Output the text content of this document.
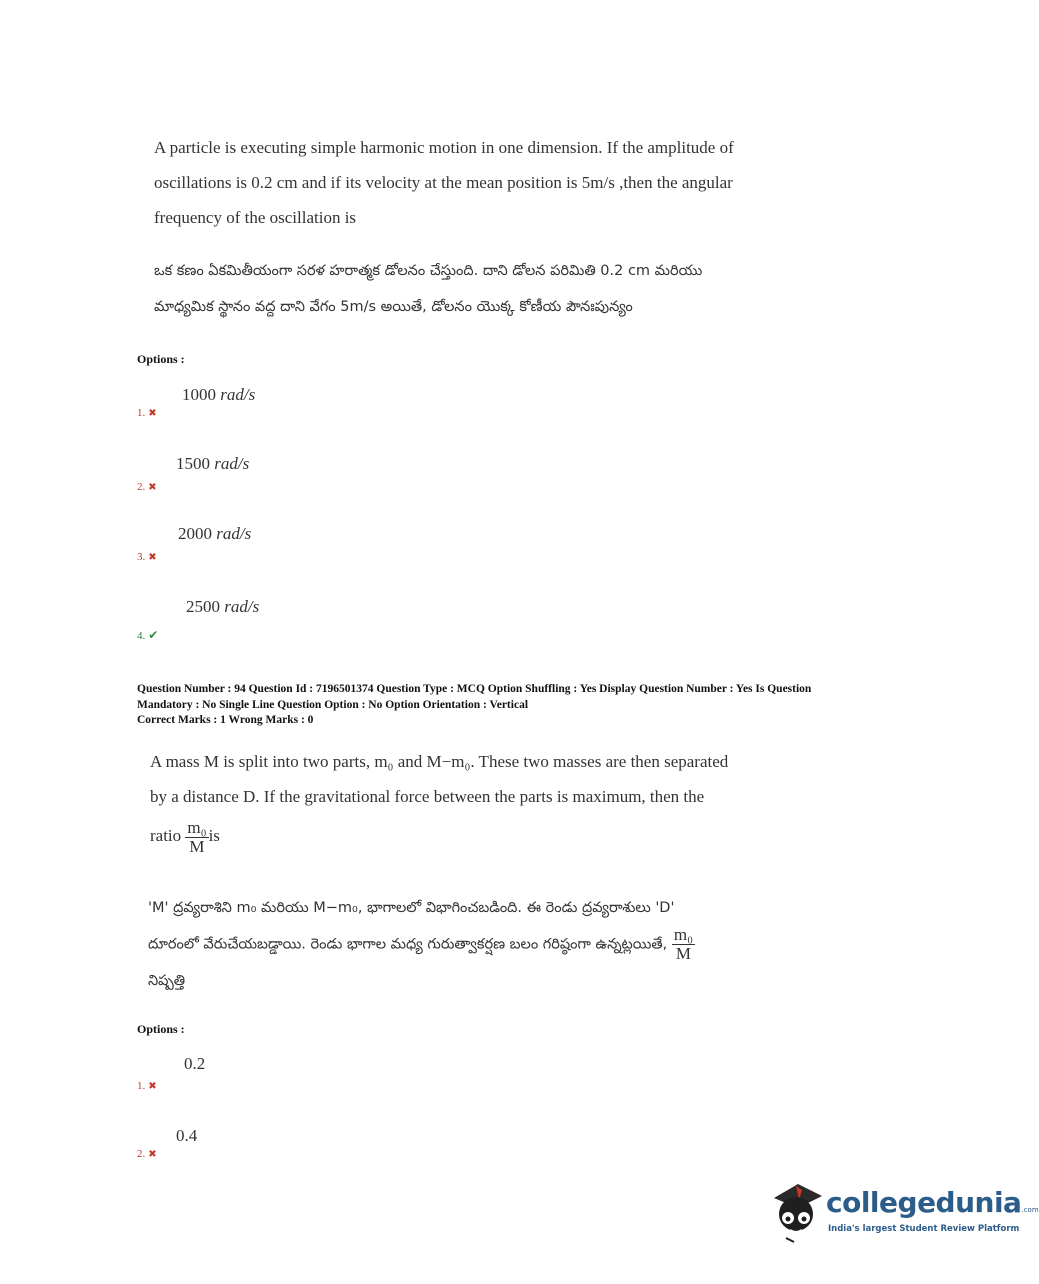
A particle is executing simple harmonic motion in one dimension. If the amplitude of
oscillations is 0.2 cm and if its velocity at the mean position is 5m/s ,then the angular
frequency of the oscillation is
ఒక కణం ఏకమితీయంగా సరళ హరాత్మక డోలనం చేస్తుంది. దాని డోలన పరిమితి 0.2 cm మరియు
మాధ్యమిక స్థానం వద్ద దాని వేగం 5m/s అయితే, డోలనం యొక్క కోణీయ పౌనఃపున్యం
Options :
1000 rad/s
1. ✖
1500 rad/s
2. ✖
2000 rad/s
3. ✖
2500 rad/s
4. ✔
Question Number : 94 Question Id : 7196501374 Question Type : MCQ Option Shuffling : Yes Display Question Number : Yes Is Question
Mandatory : No Single Line Question Option : No Option Orientation : Vertical
Correct Marks : 1 Wrong Marks : 0
A mass M is split into two parts, m₀ and M−m₀. These two masses are then separated
by a distance D. If the gravitational force between the parts is maximum, then the
ratio $\frac{\text{m₀}}{M}$ is
'M' ద్రవ్యరాశిని m₀ మరియు M−m₀, భాగాలలో విభాగించబడింది. ఈ రెండు ద్రవ్యరాశులు 'D'
దూరంలో వేరుచేయబడ్డాయి. రెండు భాగాల మధ్య గురుత్వాకర్షణ బలం గరిష్ఠంగా ఉన్నట్లయితే, $\frac{\text{m₀}}{M}$
నిష్పత్తి
Options :
0.2
1. ✖
0.4
2. ✖
collegedunia.com
India's largest Student Review Platform
